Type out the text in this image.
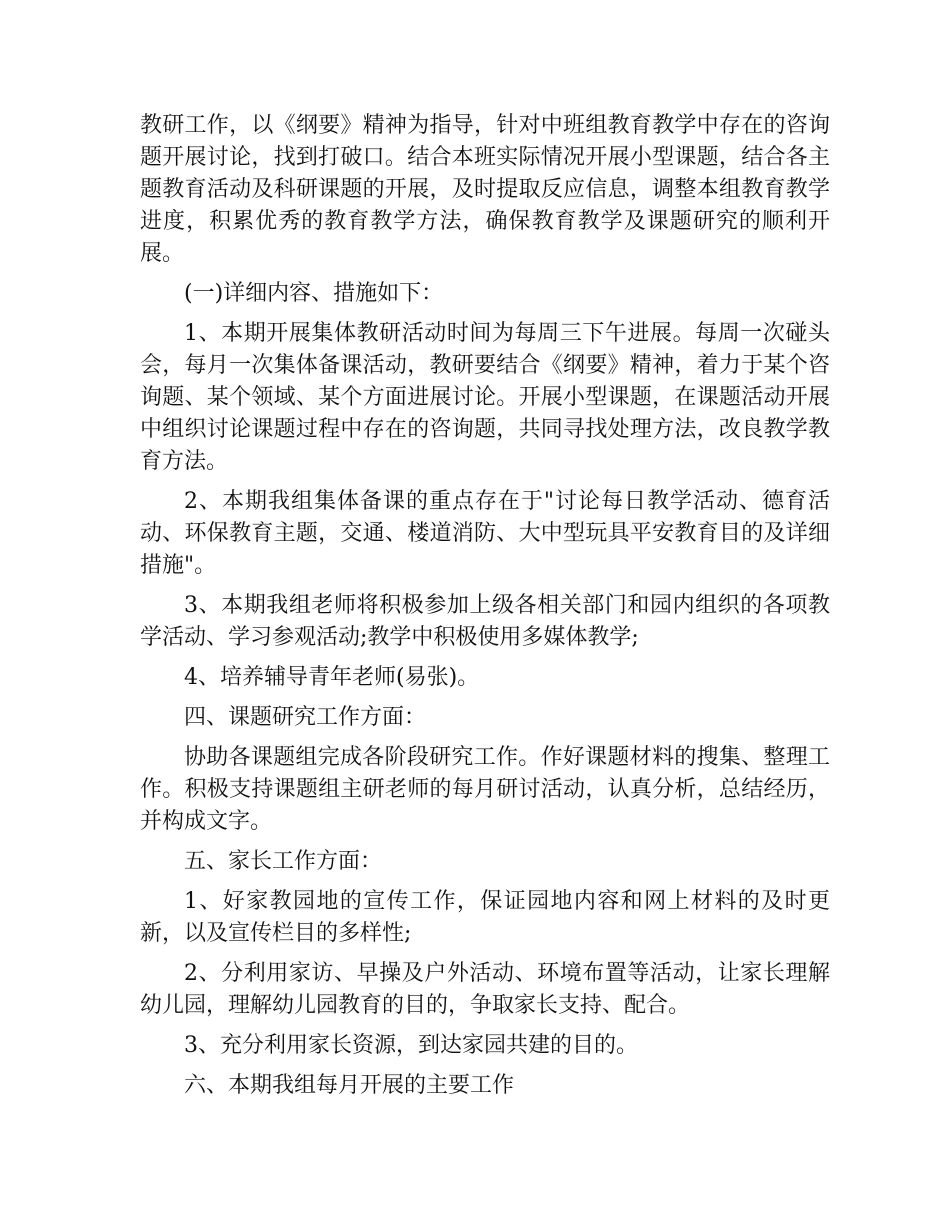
教研工作，以《纲要》精神为指导，针对中班组教育教学中存在的咨询题开展讨论，找到打破口。结合本班实际情况开展小型课题，结合各主题教育活动及科研课题的开展，及时提取反应信息，调整本组教育教学进度，积累优秀的教育教学方法，确保教育教学及课题研究的顺利开展。

(一)详细内容、措施如下：

1、本期开展集体教研活动时间为每周三下午进展。每周一次碰头会，每月一次集体备课活动，教研要结合《纲要》精神，着力于某个咨询题、某个领域、某个方面进展讨论。开展小型课题，在课题活动开展中组织讨论课题过程中存在的咨询题，共同寻找处理方法，改良教学教育方法。

2、本期我组集体备课的重点存在于"讨论每日教学活动、德育活动、环保教育主题，交通、楼道消防、大中型玩具平安教育目的及详细措施"。

3、本期我组老师将积极参加上级各相关部门和园内组织的各项教学活动、学习参观活动;教学中积极使用多媒体教学;

4、培养辅导青年老师(易张)。

四、课题研究工作方面：

协助各课题组完成各阶段研究工作。作好课题材料的搜集、整理工作。积极支持课题组主研老师的每月研讨活动，认真分析，总结经历，并构成文字。

五、家长工作方面：

1、好家教园地的宣传工作，保证园地内容和网上材料的及时更新，以及宣传栏目的多样性;

2、分利用家访、早操及户外活动、环境布置等活动，让家长理解幼儿园，理解幼儿园教育的目的，争取家长支持、配合。

3、充分利用家长资源，到达家园共建的目的。

六、本期我组每月开展的主要工作
